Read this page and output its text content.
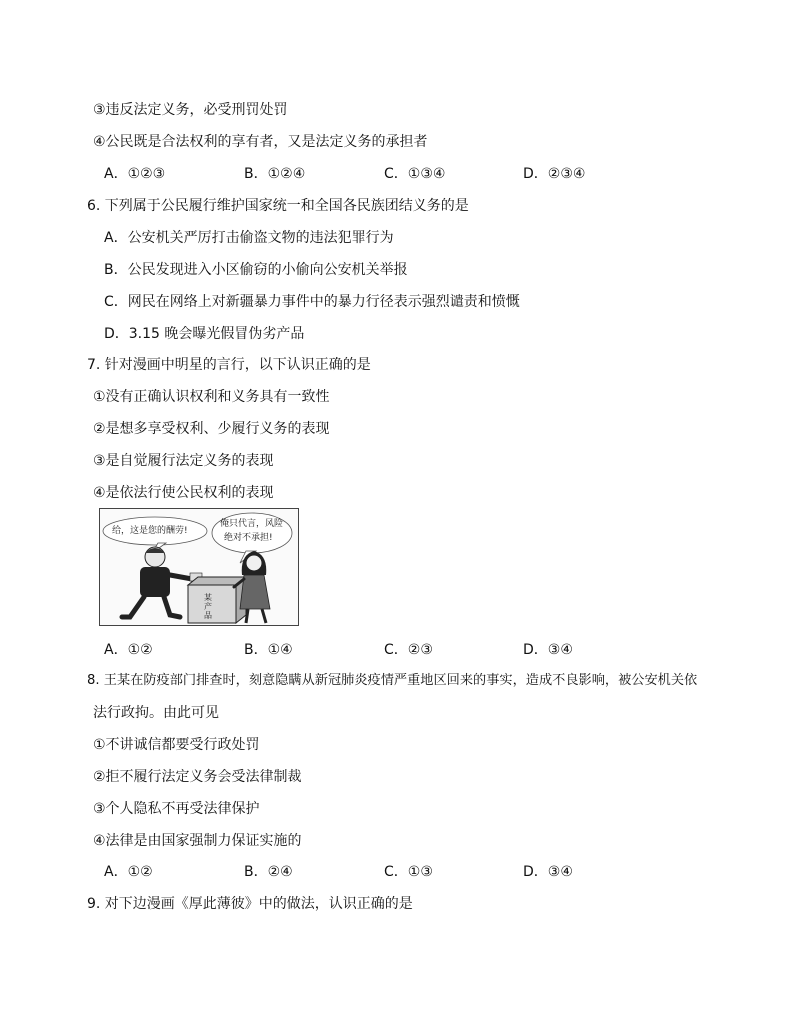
③违反法定义务，必受刑罚处罚
④公民既是合法权利的享有者，又是法定义务的承担者
A．①②③	B．①②④	C．①③④	D．②③④
6. 下列属于公民履行维护国家统一和全国各民族团结义务的是
A．公安机关严厉打击偷盗文物的违法犯罪行为
B．公民发现进入小区偷窃的小偷向公安机关举报
C．网民在网络上对新疆暴力事件中的暴力行径表示强烈谴责和愤慨
D．3.15 晚会曝光假冒伪劣产品
7. 针对漫画中明星的言行，以下认识正确的是
①没有正确认识权利和义务具有一致性
②是想多享受权利、少履行义务的表现
③是自觉履行法定义务的表现
④是依法行使公民权利的表现
给，这是您的酬劳!
俺只代言，风险
绝对不承担!
某产品
A．①②	B．①④	C．②③	D．③④
8. 王某在防疫部门排查时，刻意隐瞒从新冠肺炎疫情严重地区回来的事实，造成不良影响，被公安机关依
法行政拘。由此可见
①不讲诚信都要受行政处罚
②拒不履行法定义务会受法律制裁
③个人隐私不再受法律保护
④法律是由国家强制力保证实施的
A．①②	B．②④	C．①③	D．③④
9. 对下边漫画《厚此薄彼》中的做法，认识正确的是
